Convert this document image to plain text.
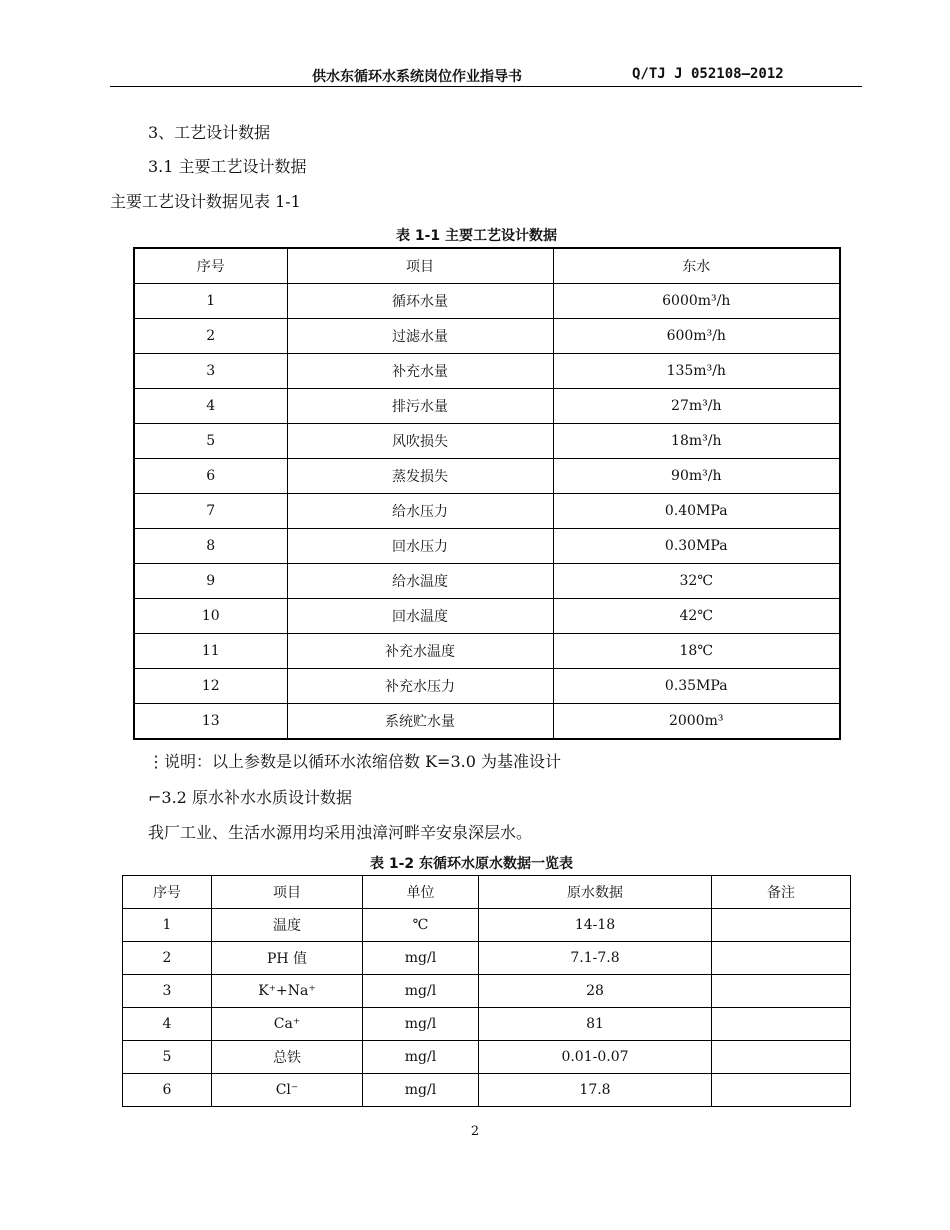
供水东循环水系统岗位作业指导书	Q/TJ J 052108—2012
3、工艺设计数据
3.1 主要工艺设计数据
主要工艺设计数据见表 1-1
表 1-1 主要工艺设计数据
序号	项目	东水
1	循环水量	6000m³/h
2	过滤水量	600m³/h
3	补充水量	135m³/h
4	排污水量	27m³/h
5	风吹损失	18m³/h
6	蒸发损失	90m³/h
7	给水压力	0.40MPa
8	回水压力	0.30MPa
9	给水温度	32℃
10	回水温度	42℃
11	补充水温度	18℃
12	补充水压力	0.35MPa
13	系统贮水量	2000m³
⋮说明：以上参数是以循环水浓缩倍数 K=3.0 为基准设计
⌐3.2 原水补水水质设计数据
我厂工业、生活水源用均采用浊漳河畔辛安泉深层水。
表 1-2 东循环水原水数据一览表
序号	项目	单位	原水数据	备注
1	温度	℃	14-18	
2	PH 值	mg/l	7.1-7.8	
3	K⁺+Na⁺	mg/l	28	
4	Ca⁺	mg/l	81	
5	总铁	mg/l	0.01-0.07	
6	Cl⁻	mg/l	17.8	
2
